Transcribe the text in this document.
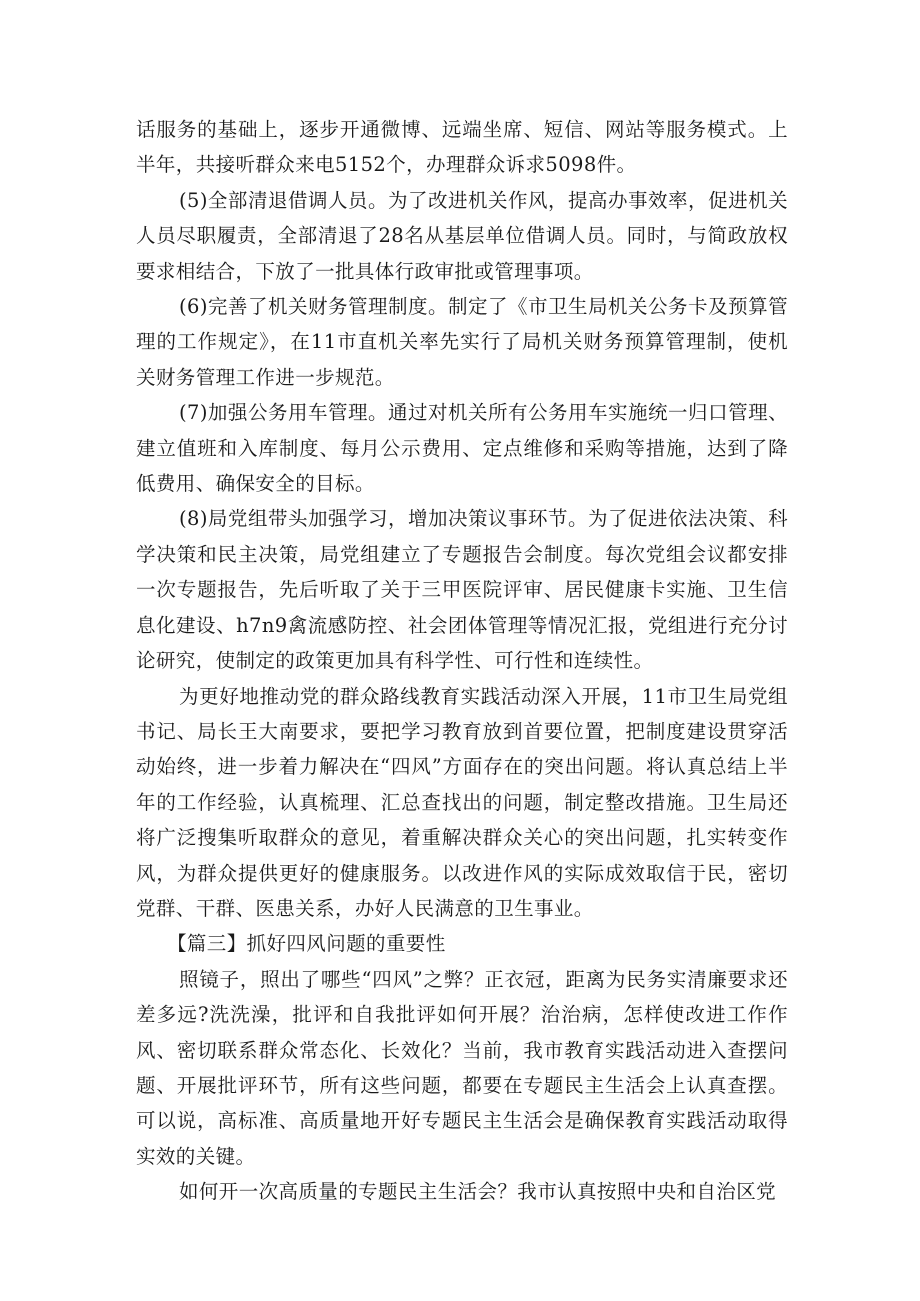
话服务的基础上，逐步开通微博、远端坐席、短信、网站等服务模式。上半年，共接听群众来电5152个，办理群众诉求5098件。

(5)全部清退借调人员。为了改进机关作风，提高办事效率，促进机关人员尽职履责，全部清退了28名从基层单位借调人员。同时，与简政放权要求相结合，下放了一批具体行政审批或管理事项。

(6)完善了机关财务管理制度。制定了《市卫生局机关公务卡及预算管理的工作规定》，在11市直机关率先实行了局机关财务预算管理制，使机关财务管理工作进一步规范。

(7)加强公务用车管理。通过对机关所有公务用车实施统一归口管理、建立值班和入库制度、每月公示费用、定点维修和采购等措施，达到了降低费用、确保安全的目标。

(8)局党组带头加强学习，增加决策议事环节。为了促进依法决策、科学决策和民主决策，局党组建立了专题报告会制度。每次党组会议都安排一次专题报告，先后听取了关于三甲医院评审、居民健康卡实施、卫生信息化建设、h7n9禽流感防控、社会团体管理等情况汇报，党组进行充分讨论研究，使制定的政策更加具有科学性、可行性和连续性。

为更好地推动党的群众路线教育实践活动深入开展，11市卫生局党组书记、局长王大南要求，要把学习教育放到首要位置，把制度建设贯穿活动始终，进一步着力解决在“四风”方面存在的突出问题。将认真总结上半年的工作经验，认真梳理、汇总查找出的问题，制定整改措施。卫生局还将广泛搜集听取群众的意见，着重解决群众关心的突出问题，扎实转变作风，为群众提供更好的健康服务。以改进作风的实际成效取信于民，密切党群、干群、医患关系，办好人民满意的卫生事业。

【篇三】抓好四风问题的重要性

照镜子，照出了哪些“四风”之弊？正衣冠，距离为民务实清廉要求还差多远?洗洗澡，批评和自我批评如何开展？治治病，怎样使改进工作作风、密切联系群众常态化、长效化？当前，我市教育实践活动进入查摆问题、开展批评环节，所有这些问题，都要在专题民主生活会上认真查摆。可以说，高标准、高质量地开好专题民主生活会是确保教育实践活动取得实效的关键。

如何开一次高质量的专题民主生活会？我市认真按照中央和自治区党
